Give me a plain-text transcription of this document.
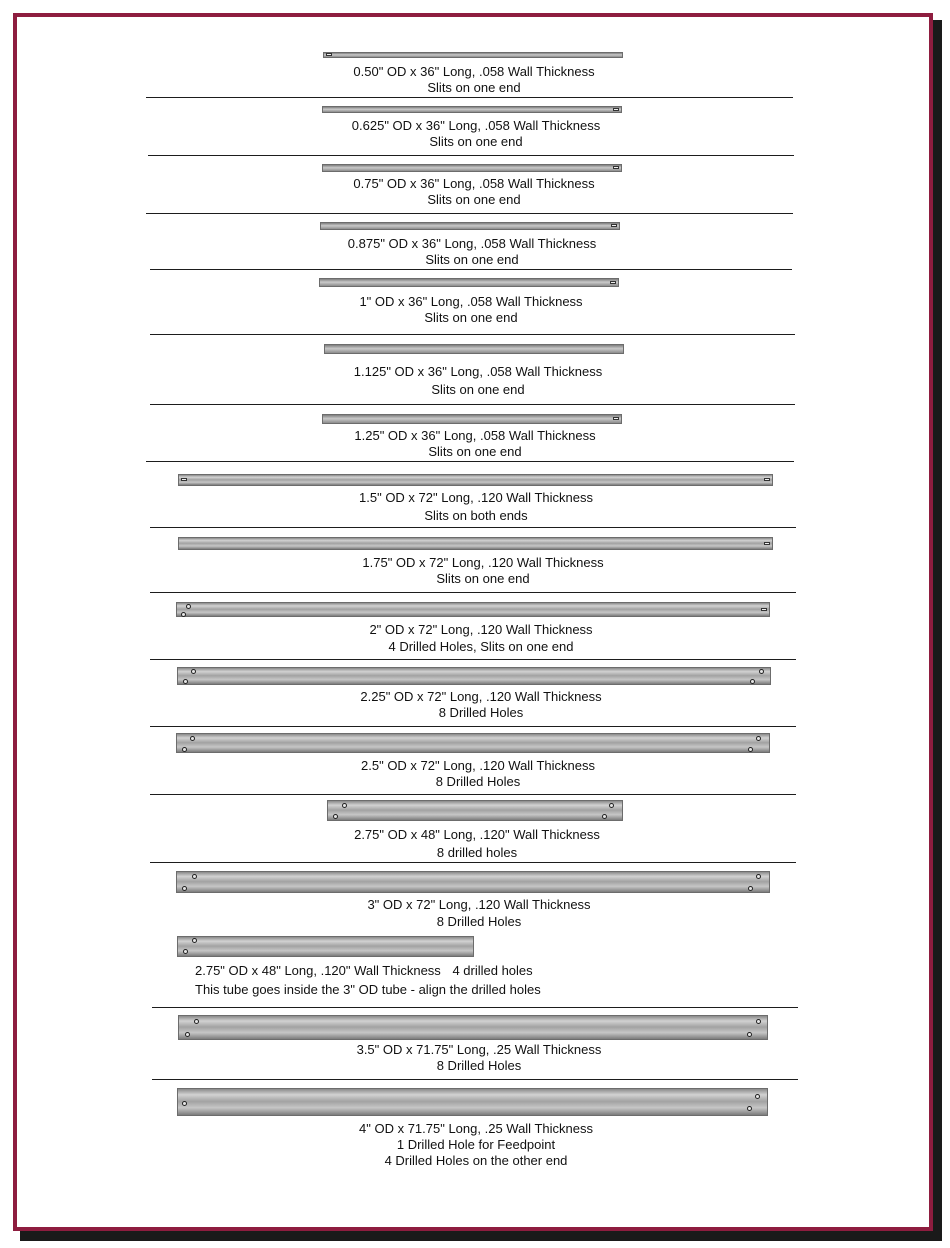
0.50" OD x 36" Long, .058 Wall Thickness
Slits on one end
0.625" OD x 36" Long, .058 Wall Thickness
Slits on one end
0.75" OD x 36" Long, .058 Wall Thickness
Slits on one end
0.875" OD x 36" Long, .058 Wall Thickness
Slits on one end
1" OD x 36" Long, .058 Wall Thickness
Slits on one end
1.125" OD x 36" Long, .058 Wall Thickness
Slits on one end
1.25" OD x 36" Long, .058 Wall Thickness
Slits on one end
1.5" OD x 72" Long, .120 Wall Thickness
Slits on both ends
1.75" OD x 72" Long, .120 Wall Thickness
Slits on one end
2" OD x 72" Long, .120 Wall Thickness
4 Drilled Holes, Slits on one end
2.25" OD x 72" Long, .120 Wall Thickness
8 Drilled Holes
2.5" OD x 72" Long, .120 Wall Thickness
8 Drilled Holes
2.75" OD x 48" Long, .120" Wall Thickness
8 drilled holes
3" OD x 72" Long, .120 Wall Thickness
8 Drilled Holes
2.75" OD x 48" Long, .120" Wall Thickness 4 drilled holes
This tube goes inside the 3" OD tube - align the drilled holes
3.5" OD x 71.75" Long, .25 Wall Thickness
8 Drilled Holes
4" OD x 71.75" Long, .25 Wall Thickness
1 Drilled Hole for Feedpoint
4 Drilled Holes on the other end
